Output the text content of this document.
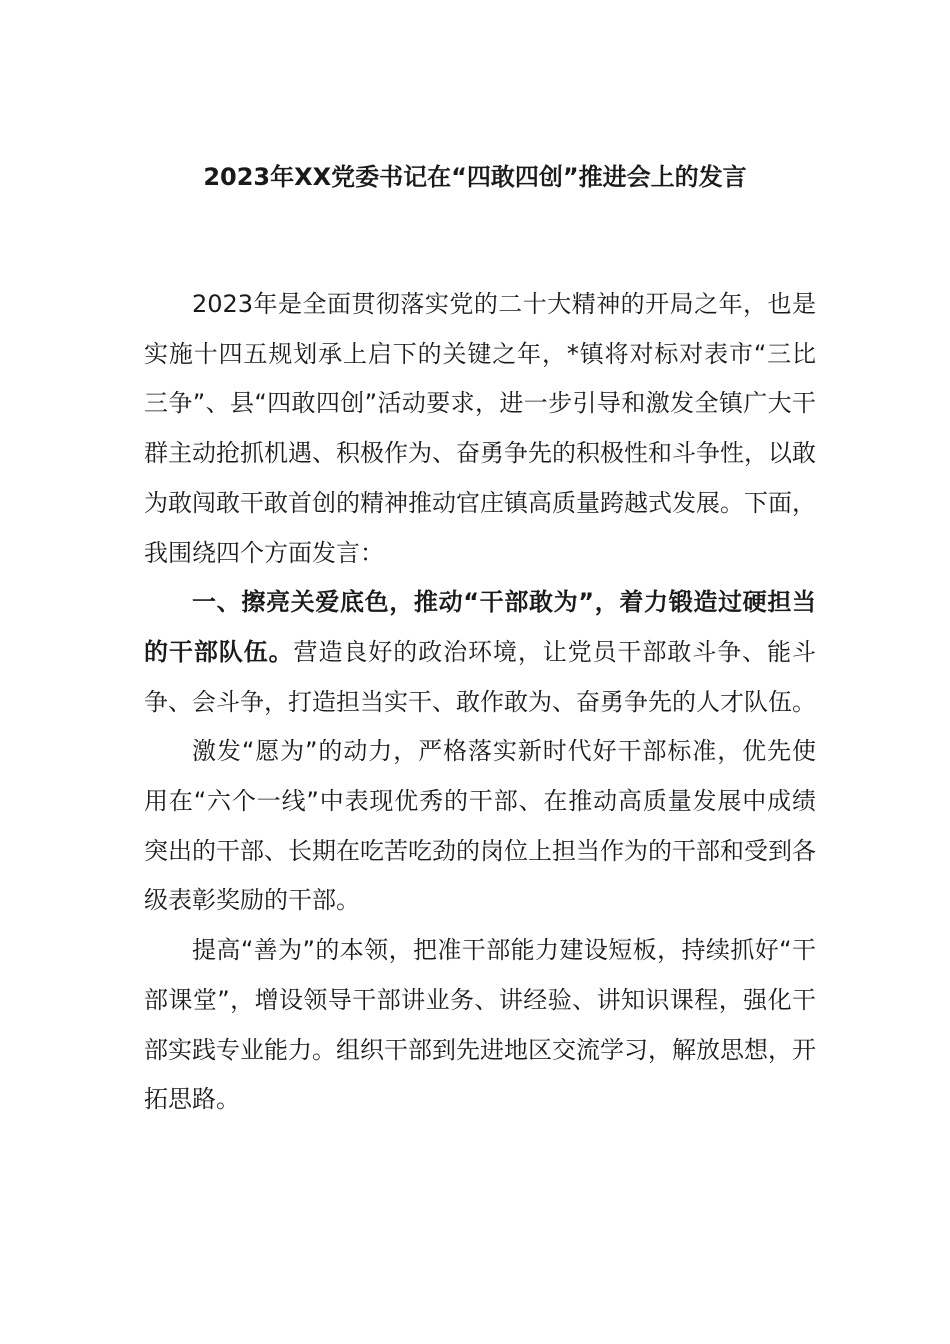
2023年XX党委书记在“四敢四创”推进会上的发言

2023年是全面贯彻落实党的二十大精神的开局之年，也是实施十四五规划承上启下的关键之年，*镇将对标对表市“三比三争”、县“四敢四创”活动要求，进一步引导和激发全镇广大干群主动抢抓机遇、积极作为、奋勇争先的积极性和斗争性，以敢为敢闯敢干敢首创的精神推动官庄镇高质量跨越式发展。下面，我围绕四个方面发言：

一、擦亮关爱底色，推动“干部敢为”，着力锻造过硬担当的干部队伍。营造良好的政治环境，让党员干部敢斗争、能斗争、会斗争，打造担当实干、敢作敢为、奋勇争先的人才队伍。

激发“愿为”的动力，严格落实新时代好干部标准，优先使用在“六个一线”中表现优秀的干部、在推动高质量发展中成绩突出的干部、长期在吃苦吃劲的岗位上担当作为的干部和受到各级表彰奖励的干部。

提高“善为”的本领，把准干部能力建设短板，持续抓好“干部课堂”，增设领导干部讲业务、讲经验、讲知识课程，强化干部实践专业能力。组织干部到先进地区交流学习，解放思想，开拓思路。
